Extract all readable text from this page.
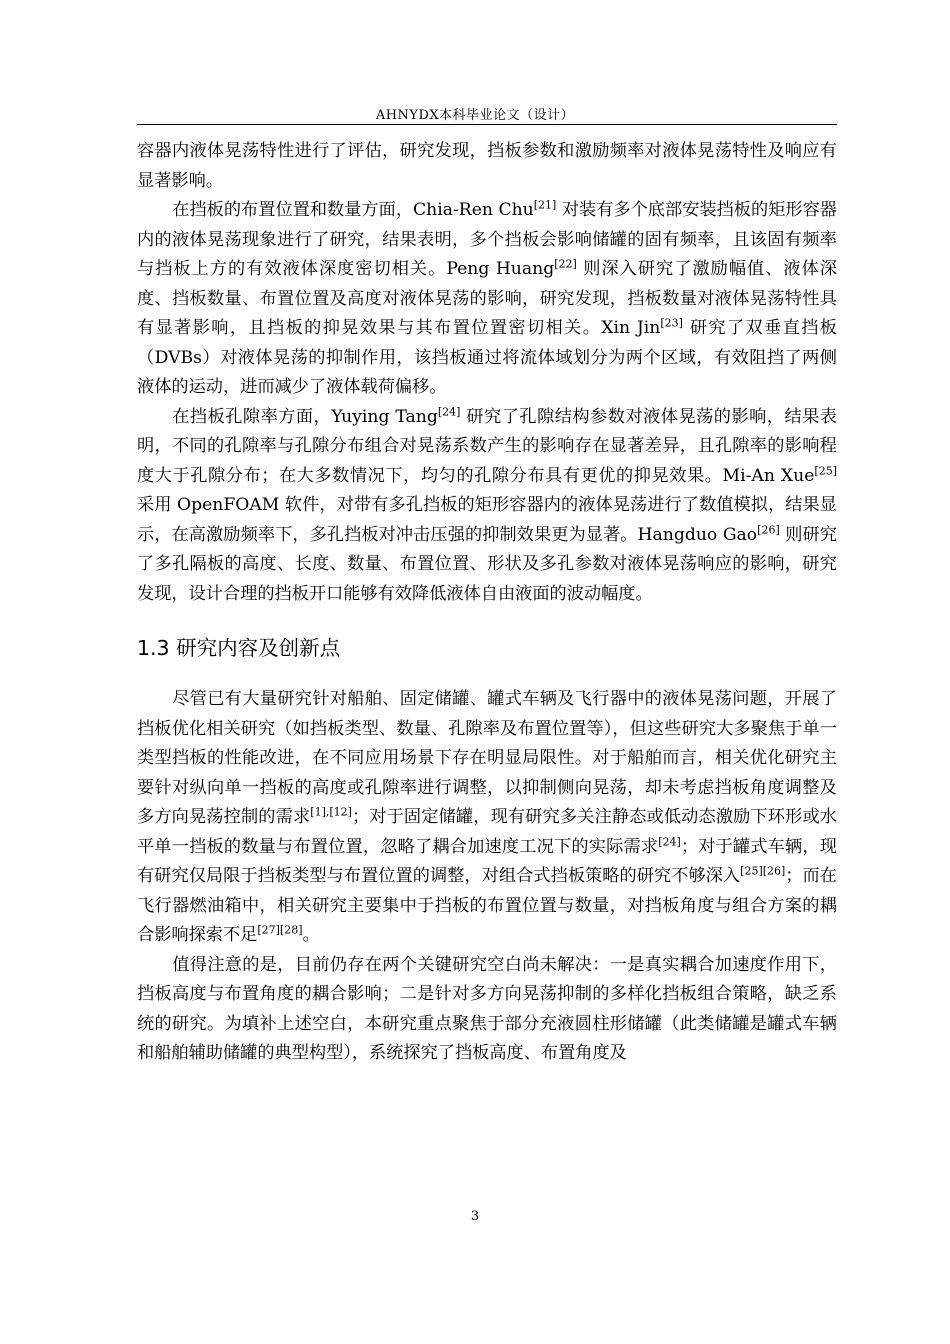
AHNYDX本科毕业论文（设计）

容器内液体晃荡特性进行了评估，研究发现，挡板参数和激励频率对液体晃荡特性及响应有显著影响。

在挡板的布置位置和数量方面，Chia-Ren Chu[21] 对装有多个底部安装挡板的矩形容器内的液体晃荡现象进行了研究，结果表明，多个挡板会影响储罐的固有频率，且该固有频率与挡板上方的有效液体深度密切相关。Peng Huang[22] 则深入研究了激励幅值、液体深度、挡板数量、布置位置及高度对液体晃荡的影响，研究发现，挡板数量对液体晃荡特性具有显著影响，且挡板的抑晃效果与其布置位置密切相关。Xin Jin[23] 研究了双垂直挡板（DVBs）对液体晃荡的抑制作用，该挡板通过将流体域划分为两个区域，有效阻挡了两侧液体的运动，进而减少了液体载荷偏移。

在挡板孔隙率方面，Yuying Tang[24] 研究了孔隙结构参数对液体晃荡的影响，结果表明，不同的孔隙率与孔隙分布组合对晃荡系数产生的影响存在显著差异，且孔隙率的影响程度大于孔隙分布；在大多数情况下，均匀的孔隙分布具有更优的抑晃效果。Mi-An Xue[25] 采用 OpenFOAM 软件，对带有多孔挡板的矩形容器内的液体晃荡进行了数值模拟，结果显示，在高激励频率下，多孔挡板对冲击压强的抑制效果更为显著。Hangduo Gao[26] 则研究了多孔隔板的高度、长度、数量、布置位置、形状及多孔参数对液体晃荡响应的影响，研究发现，设计合理的挡板开口能够有效降低液体自由液面的波动幅度。

1.3 研究内容及创新点

尽管已有大量研究针对船舶、固定储罐、罐式车辆及飞行器中的液体晃荡问题，开展了挡板优化相关研究（如挡板类型、数量、孔隙率及布置位置等），但这些研究大多聚焦于单一类型挡板的性能改进，在不同应用场景下存在明显局限性。对于船舶而言，相关优化研究主要针对纵向单一挡板的高度或孔隙率进行调整，以抑制侧向晃荡，却未考虑挡板角度调整及多方向晃荡控制的需求[1],[12]；对于固定储罐，现有研究多关注静态或低动态激励下环形或水平单一挡板的数量与布置位置，忽略了耦合加速度工况下的实际需求[24]；对于罐式车辆，现有研究仅局限于挡板类型与布置位置的调整，对组合式挡板策略的研究不够深入[25][26]；而在飞行器燃油箱中，相关研究主要集中于挡板的布置位置与数量，对挡板角度与组合方案的耦合影响探索不足[27][28]。

值得注意的是，目前仍存在两个关键研究空白尚未解决：一是真实耦合加速度作用下，挡板高度与布置角度的耦合影响；二是针对多方向晃荡抑制的多样化挡板组合策略，缺乏系统的研究。为填补上述空白，本研究重点聚焦于部分充液圆柱形储罐（此类储罐是罐式车辆和船舶辅助储罐的典型构型），系统探究了挡板高度、布置角度及

3
